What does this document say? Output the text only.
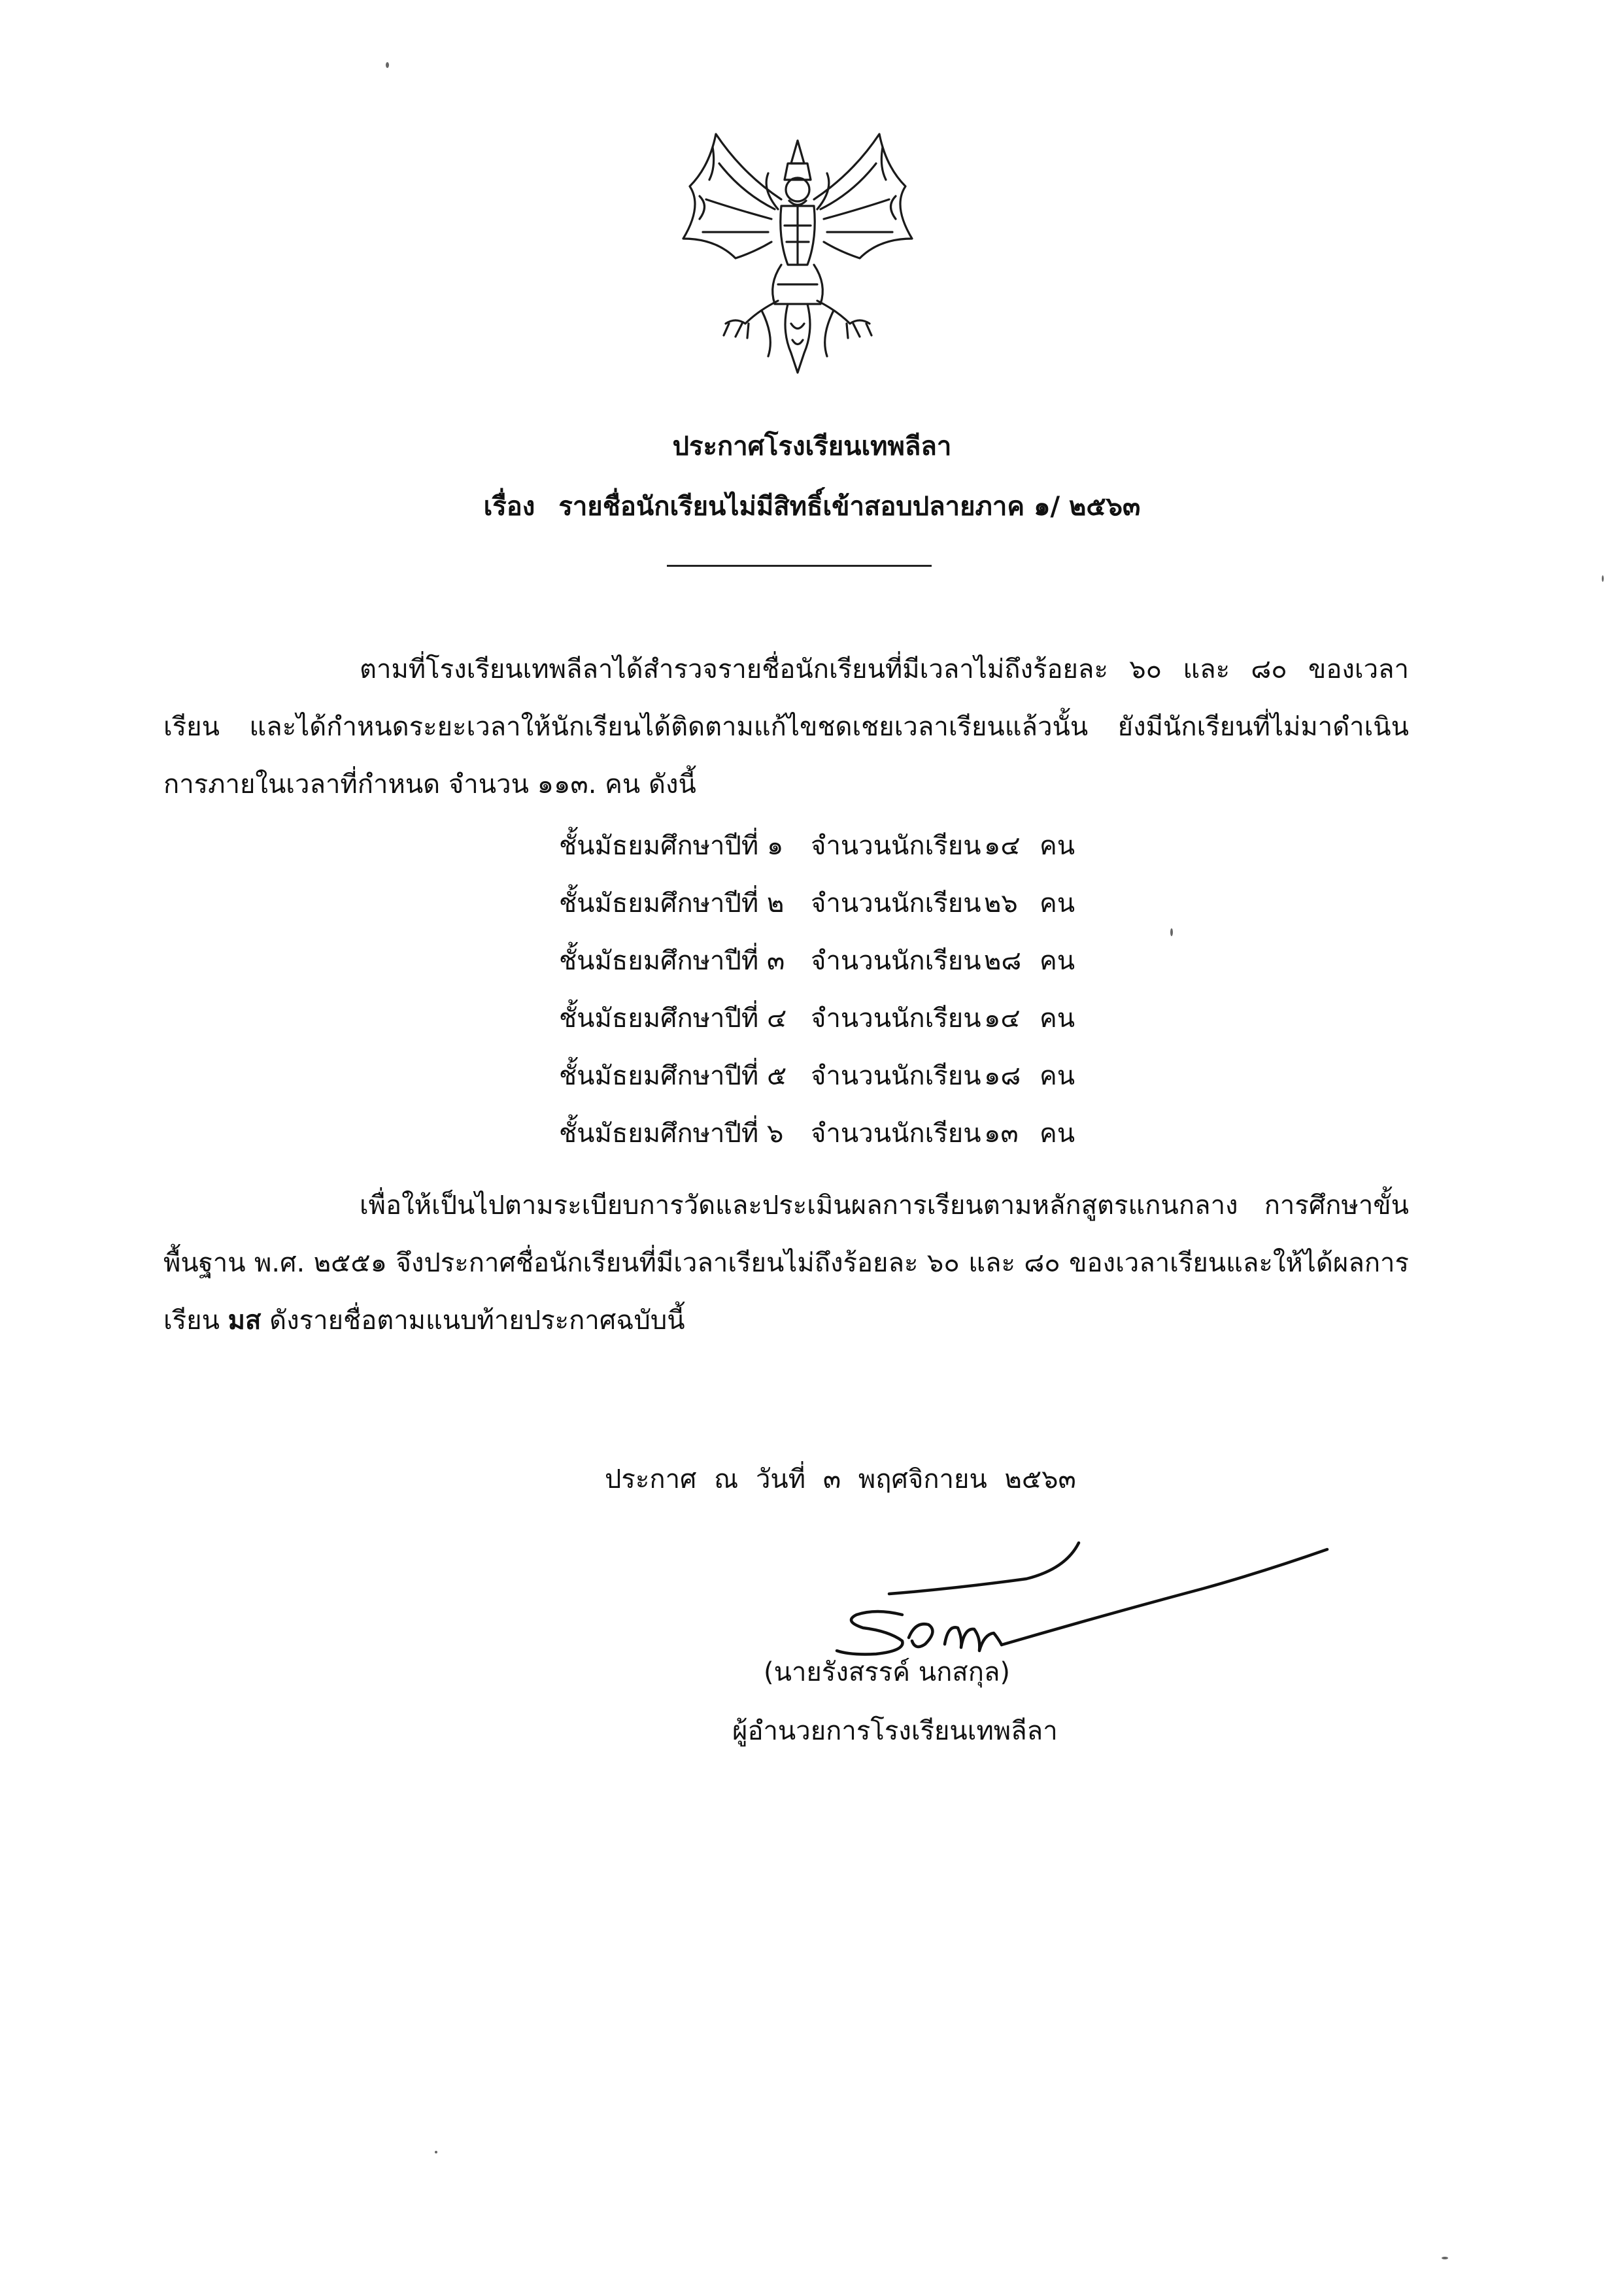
ประกาศโรงเรียนเทพลีลา
เรื่อง รายชื่อนักเรียนไม่มีสิทธิ์เข้าสอบปลายภาค ๑/ ๒๕๖๓
ตามที่โรงเรียนเทพลีลาได้สำรวจรายชื่อนักเรียนที่มีเวลาไม่ถึงร้อยละ ๖๐ และ ๘๐ ของเวลาเรียน และได้กำหนดระยะเวลาให้นักเรียนได้ติดตามแก้ไขชดเชยเวลาเรียนแล้วนั้น ยังมีนักเรียนที่ไม่มาดำเนินการภายในเวลาที่กำหนด จำนวน ๑๑๓. คน ดังนี้
ชั้นมัธยมศึกษาปีที่ ๑ จำนวนนักเรียน ๑๔ คน
ชั้นมัธยมศึกษาปีที่ ๒ จำนวนนักเรียน ๒๖ คน
ชั้นมัธยมศึกษาปีที่ ๓ จำนวนนักเรียน ๒๘ คน
ชั้นมัธยมศึกษาปีที่ ๔ จำนวนนักเรียน ๑๔ คน
ชั้นมัธยมศึกษาปีที่ ๕ จำนวนนักเรียน ๑๘ คน
ชั้นมัธยมศึกษาปีที่ ๖ จำนวนนักเรียน ๑๓ คน
เพื่อให้เป็นไปตามระเบียบการวัดและประเมินผลการเรียนตามหลักสูตรแกนกลาง การศึกษาขั้นพื้นฐาน พ.ศ. ๒๕๕๑ จึงประกาศชื่อนักเรียนที่มีเวลาเรียนไม่ถึงร้อยละ ๖๐ และ ๘๐ ของเวลาเรียนและให้ได้ผลการเรียน มส ดังรายชื่อตามแนบท้ายประกาศฉบับนี้
ประกาศ ณ วันที่ ๓ พฤศจิกายน ๒๕๖๓
(นายรังสรรค์ นกสกุล)
ผู้อำนวยการโรงเรียนเทพลีลา
